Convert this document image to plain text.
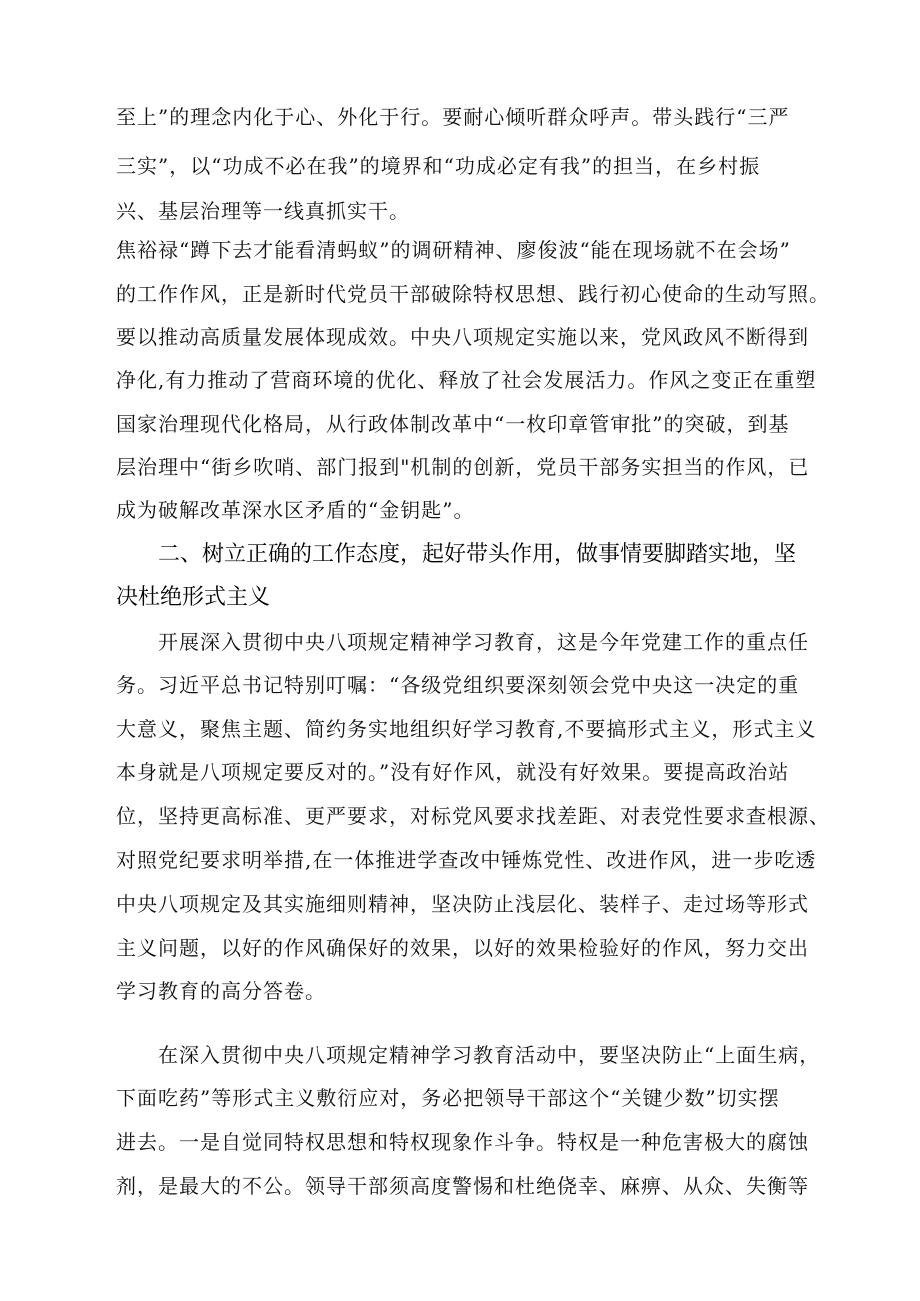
至上”的理念内化于心、外化于行。要耐心倾听群众呼声。带头践行“三严
三实”，以“功成不必在我”的境界和“功成必定有我”的担当，在乡村振
兴、基层治理等一线真抓实干。
焦裕禄“蹲下去才能看清蚂蚁”的调研精神、廖俊波“能在现场就不在会场”
的工作作风，正是新时代党员干部破除特权思想、践行初心使命的生动写照。
要以推动高质量发展体现成效。中央八项规定实施以来，党风政风不断得到
净化,有力推动了营商环境的优化、释放了社会发展活力。作风之变正在重塑
国家治理现代化格局，从行政体制改革中“一枚印章管审批”的突破，到基
层治理中“街乡吹哨、部门报到"机制的创新，党员干部务实担当的作风，已
成为破解改革深水区矛盾的“金钥匙”。
二、树立正确的工作态度，起好带头作用，做事情要脚踏实地，坚
决杜绝形式主义
开展深入贯彻中央八项规定精神学习教育，这是今年党建工作的重点任
务。习近平总书记特别叮嘱：“各级党组织要深刻领会党中央这一决定的重
大意义，聚焦主题、简约务实地组织好学习教育,不要搞形式主义，形式主义
本身就是八项规定要反对的。”没有好作风，就没有好效果。要提高政治站
位，坚持更高标准、更严要求，对标党风要求找差距、对表党性要求查根源、
对照党纪要求明举措,在一体推进学查改中锤炼党性、改进作风，进一步吃透
中央八项规定及其实施细则精神，坚决防止浅层化、装样子、走过场等形式
主义问题，以好的作风确保好的效果，以好的效果检验好的作风，努力交出
学习教育的高分答卷。
在深入贯彻中央八项规定精神学习教育活动中，要坚决防止“上面生病，
下面吃药”等形式主义敷衍应对，务必把领导干部这个“关键少数”切实摆
进去。一是自觉同特权思想和特权现象作斗争。特权是一种危害极大的腐蚀
剂，是最大的不公。领导干部须高度警惕和杜绝侥幸、麻痹、从众、失衡等
